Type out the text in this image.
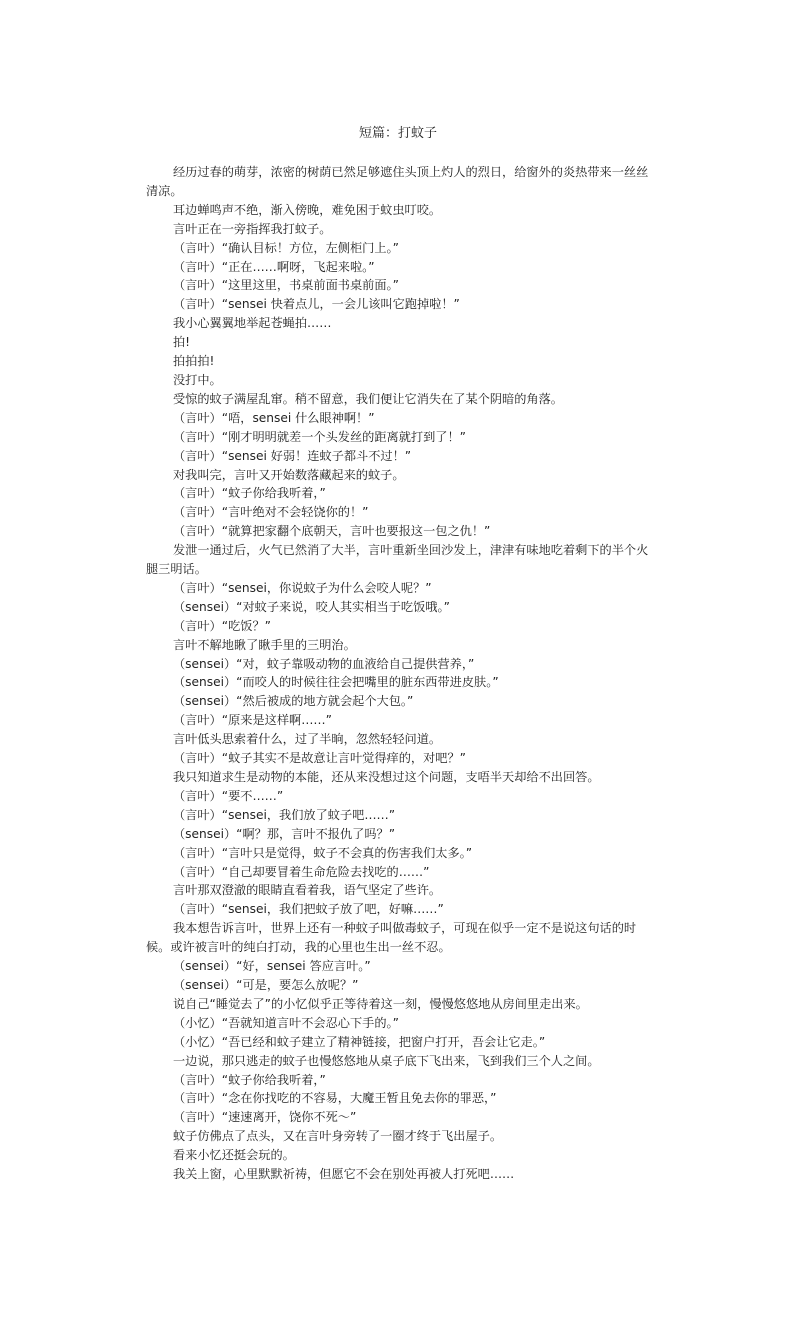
短篇：打蚊子

经历过春的萌芽，浓密的树荫已然足够遮住头顶上灼人的烈日，给窗外的炎热带来一丝丝清凉。

耳边蝉鸣声不绝，渐入傍晚，难免困于蚊虫叮咬。

言叶正在一旁指挥我打蚊子。

（言叶）“确认目标！方位，左侧柜门上。”

（言叶）“正在……啊呀，飞起来啦。”

（言叶）“这里这里，书桌前面书桌前面。”

（言叶）“sensei 快着点儿，一会儿该叫它跑掉啦！”

我小心翼翼地举起苍蝇拍……

拍!

拍拍拍!

没打中。

受惊的蚊子满屋乱窜。稍不留意，我们便让它消失在了某个阴暗的角落。

（言叶）“唔，sensei 什么眼神啊！”

（言叶）“刚才明明就差一个头发丝的距离就打到了！”

（言叶）“sensei 好弱！连蚊子都斗不过！”

对我叫完，言叶又开始数落藏起来的蚊子。

（言叶）“蚊子你给我听着，”

（言叶）“言叶绝对不会轻饶你的！”

（言叶）“就算把家翻个底朝天，言叶也要报这一包之仇！”

发泄一通过后，火气已然消了大半，言叶重新坐回沙发上，津津有味地吃着剩下的半个火腿三明话。

（言叶）“sensei，你说蚊子为什么会咬人呢？”

（sensei）“对蚊子来说，咬人其实相当于吃饭哦。”

（言叶）“吃饭？”

言叶不解地瞅了瞅手里的三明治。

（sensei）“对，蚊子靠吸动物的血液给自己提供营养，”

（sensei）“而咬人的时候往往会把嘴里的脏东西带进皮肤。”

（sensei）“然后被成的地方就会起个大包。”

（言叶）“原来是这样啊……”

言叶低头思索着什么，过了半晌，忽然轻轻问道。

（言叶）“蚊子其实不是故意让言叶觉得痒的，对吧？”

我只知道求生是动物的本能，还从来没想过这个问题，支唔半天却给不出回答。

（言叶）“要不……”

（言叶）“sensei，我们放了蚊子吧……”

（sensei）“啊？那，言叶不报仇了吗？”

（言叶）“言叶只是觉得，蚊子不会真的伤害我们太多。”

（言叶）“自己却要冒着生命危险去找吃的……”

言叶那双澄澈的眼睛直看着我，语气坚定了些许。

（言叶）“sensei，我们把蚊子放了吧，好嘛……”

我本想告诉言叶，世界上还有一种蚊子叫做毒蚊子，可现在似乎一定不是说这句话的时候。或许被言叶的纯白打动，我的心里也生出一丝不忍。

（sensei）“好，sensei 答应言叶。”

（sensei）“可是，要怎么放呢？”

说自己“睡觉去了”的小忆似乎正等待着这一刻，慢慢悠悠地从房间里走出来。

（小忆）“吾就知道言叶不会忍心下手的。”

（小忆）“吾已经和蚊子建立了精神链接，把窗户打开，吾会让它走。”

一边说，那只逃走的蚊子也慢悠悠地从桌子底下飞出来，飞到我们三个人之间。

（言叶）“蚊子你给我听着，”

（言叶）“念在你找吃的不容易，大魔王暂且免去你的罪恶，”

（言叶）“速速离开，饶你不死～”

蚊子仿佛点了点头，又在言叶身旁转了一圈才终于飞出屋子。

看来小忆还挺会玩的。

我关上窗，心里默默祈祷，但愿它不会在别处再被人打死吧……
